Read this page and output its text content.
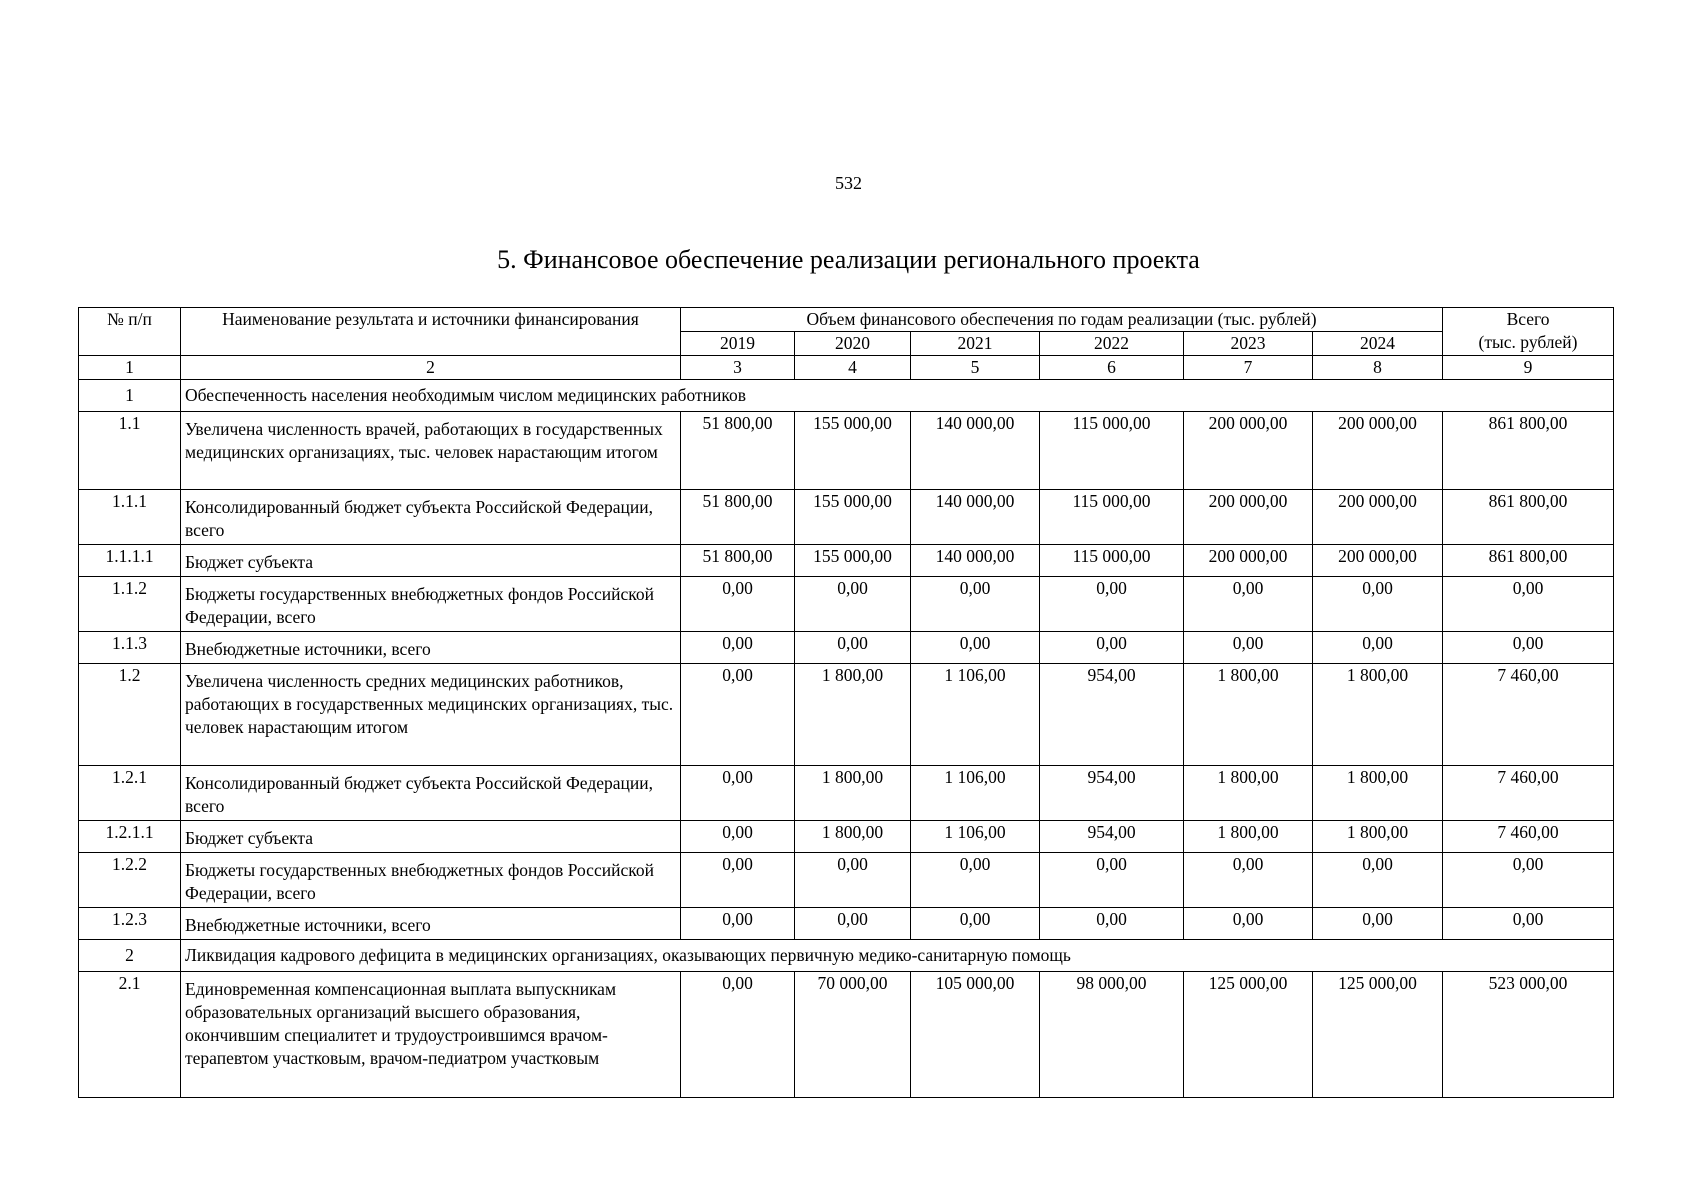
532
5. Финансовое обеспечение реализации регионального проекта
№ п/п	Наименование результата и источники финансирования	Объем финансового обеспечения по годам реализации (тыс. рублей)						Всего
(тыс. рублей)

		2019	2020	2021	2022	2023	2024	
1	2	3	4	5	6	7	8	9
1	Обеспеченность населения необходимым числом медицинских работников							
1.1	Увеличена численность врачей, работающих в государственных медицинских организациях, тыс. человек нарастающим итогом	51 800,00	155 000,00	140 000,00	115 000,00	200 000,00	200 000,00	861 800,00
1.1.1	Консолидированный бюджет субъекта Российской Федерации, всего	51 800,00	155 000,00	140 000,00	115 000,00	200 000,00	200 000,00	861 800,00
1.1.1.1	Бюджет субъекта	51 800,00	155 000,00	140 000,00	115 000,00	200 000,00	200 000,00	861 800,00
1.1.2	Бюджеты государственных внебюджетных фондов Российской Федерации, всего	0,00	0,00	0,00	0,00	0,00	0,00	0,00
1.1.3	Внебюджетные источники, всего	0,00	0,00	0,00	0,00	0,00	0,00	0,00
1.2	Увеличена численность средних медицинских работников, работающих в государственных медицинских организациях, тыс. человек нарастающим итогом	0,00	1 800,00	1 106,00	954,00	1 800,00	1 800,00	7 460,00
1.2.1	Консолидированный бюджет субъекта Российской Федерации, всего	0,00	1 800,00	1 106,00	954,00	1 800,00	1 800,00	7 460,00
1.2.1.1	Бюджет субъекта	0,00	1 800,00	1 106,00	954,00	1 800,00	1 800,00	7 460,00
1.2.2	Бюджеты государственных внебюджетных фондов Российской Федерации, всего	0,00	0,00	0,00	0,00	0,00	0,00	0,00
1.2.3	Внебюджетные источники, всего	0,00	0,00	0,00	0,00	0,00	0,00	0,00
2	Ликвидация кадрового дефицита в медицинских организациях, оказывающих первичную медико-санитарную помощь							
2.1	Единовременная компенсационная выплата выпускникам образовательных организаций высшего образования, окончившим специалитет и трудоустроившимся врачом-терапевтом участковым, врачом-педиатром участковым	0,00	70 000,00	105 000,00	98 000,00	125 000,00	125 000,00	523 000,00
